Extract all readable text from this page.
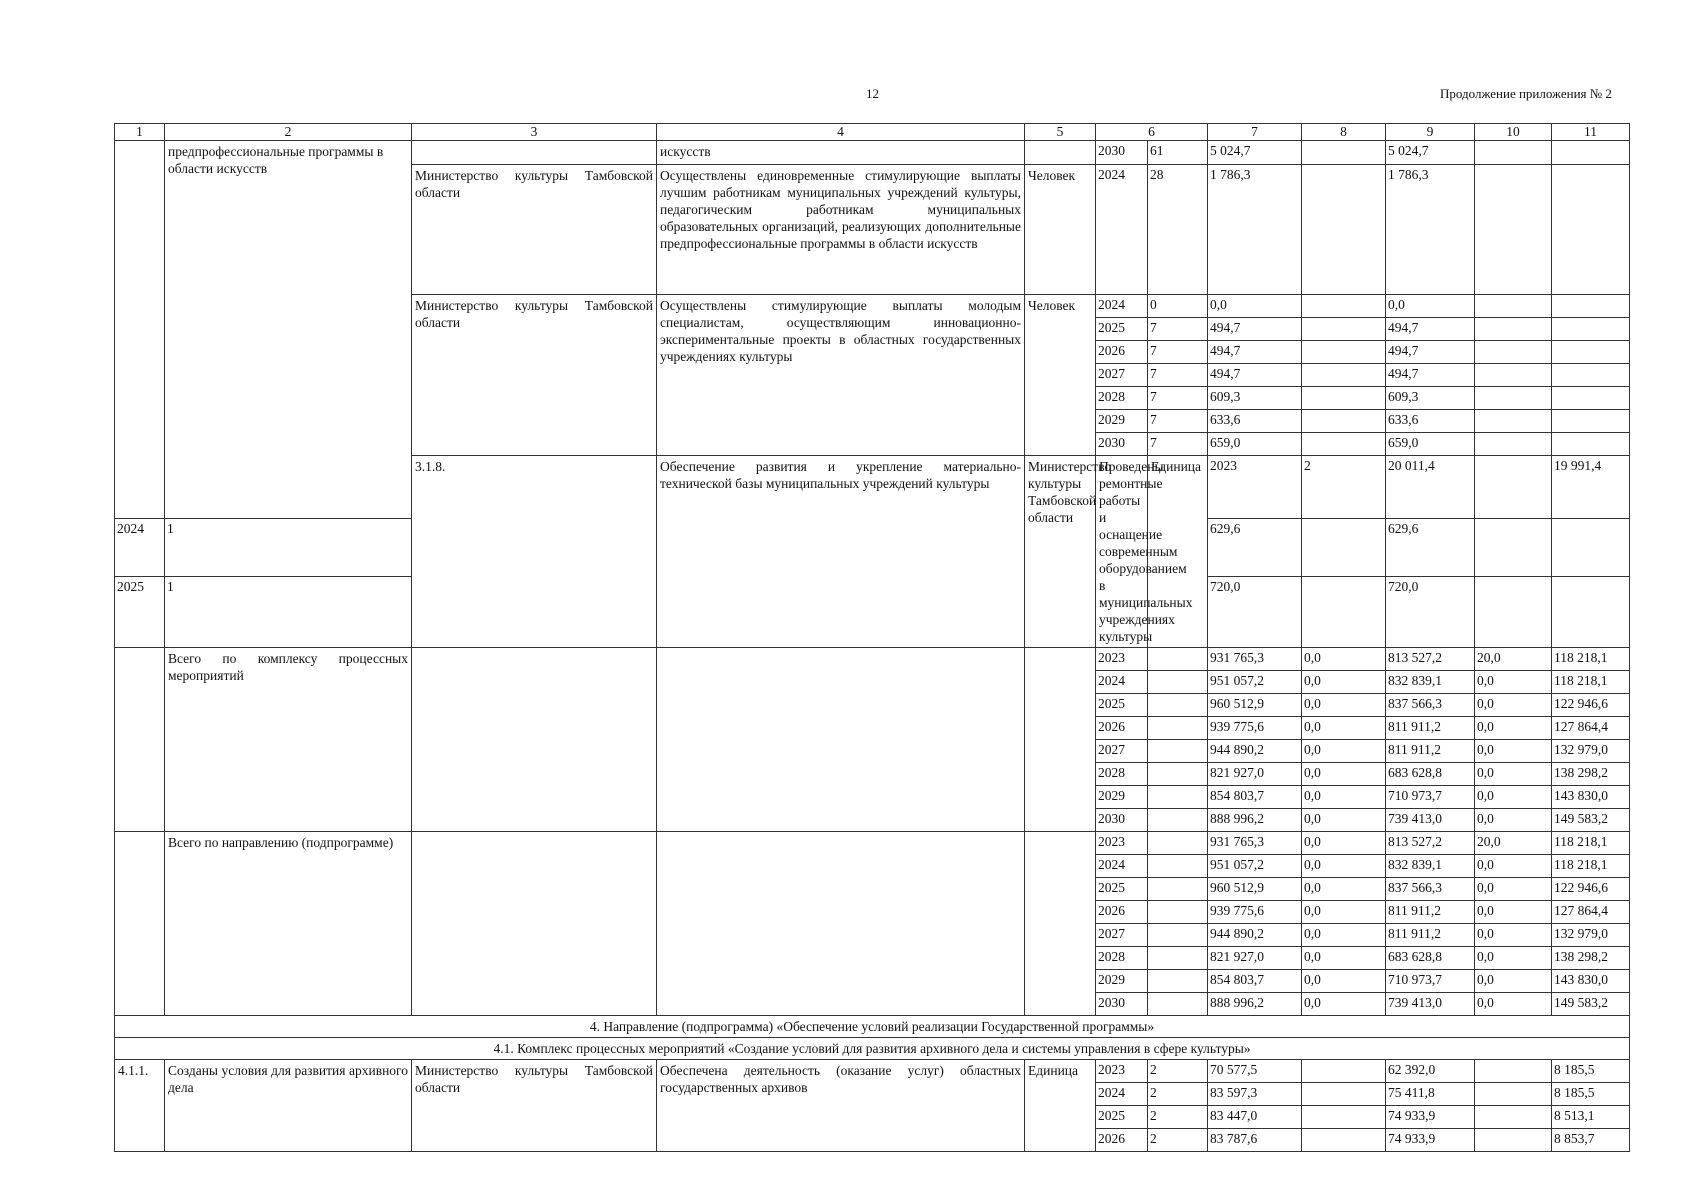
12	Продолжение приложения № 2
1	2	3	4	5	6		7	8	9	10	11	
	предпрофессиональные программы в области искусств		искусств		2030	61	5 024,7		5 024,7			
		Министерство культуры Тамбовской области	Осуществлены единовременные стимулирующие выплаты лучшим работникам муниципальных учреждений культуры, педагогическим работникам муниципальных образовательных организаций, реализующих дополнительные предпрофессиональные программы в области искусств	Человек	2024	28	1 786,3		1 786,3			
		Министерство культуры Тамбовской области	Осуществлены стимулирующие выплаты молодым специалистам, осуществляющим инновационно-экспериментальные проекты в областных государственных учреждениях культуры	Человек	2024	0	0,0		0,0			
					2025	7	494,7		494,7			
					2026	7	494,7		494,7			
					2027	7	494,7		494,7			
					2028	7	609,3		609,3			
					2029	7	633,6		633,6			
					2030	7	659,0		659,0			
		3.1.8.	Обеспечение развития и укрепление материально-технической базы муниципальных учреждений культуры	Министерство культуры Тамбовской области	Проведены ремонтные работы и оснащение современным оборудованием в муниципальных учреждениях культуры	Единица	2023	2	20 011,4		19 991,4		
2024	1						629,6		629,6			
2025	1						720,0		720,0			
	Всего по комплексу процессных мероприятий				2023		931 765,3	0,0	813 527,2	20,0	118 218,1	
					2024		951 057,2	0,0	832 839,1	0,0	118 218,1	
					2025		960 512,9	0,0	837 566,3	0,0	122 946,6	
					2026		939 775,6	0,0	811 911,2	0,0	127 864,4	
					2027		944 890,2	0,0	811 911,2	0,0	132 979,0	
					2028		821 927,0	0,0	683 628,8	0,0	138 298,2	
					2029		854 803,7	0,0	710 973,7	0,0	143 830,0	
					2030		888 996,2	0,0	739 413,0	0,0	149 583,2	
	Всего по направлению (подпрограмме)				2023		931 765,3	0,0	813 527,2	20,0	118 218,1	
					2024		951 057,2	0,0	832 839,1	0,0	118 218,1	
					2025		960 512,9	0,0	837 566,3	0,0	122 946,6	
					2026		939 775,6	0,0	811 911,2	0,0	127 864,4	
					2027		944 890,2	0,0	811 911,2	0,0	132 979,0	
					2028		821 927,0	0,0	683 628,8	0,0	138 298,2	
					2029		854 803,7	0,0	710 973,7	0,0	143 830,0	
					2030		888 996,2	0,0	739 413,0	0,0	149 583,2	
4. Направление (подпрограмма) «Обеспечение условий реализации Государственной программы»												
4.1. Комплекс процессных мероприятий «Создание условий для развития архивного дела и системы управления в сфере культуры»												
4.1.1.	Созданы условия для развития архивного дела	Министерство культуры Тамбовской области	Обеспечена деятельность (оказание услуг) областных государственных архивов	Единица	2023	2	70 577,5		62 392,0		8 185,5	
					2024	2	83 597,3		75 411,8		8 185,5	
					2025	2	83 447,0		74 933,9		8 513,1	
					2026	2	83 787,6		74 933,9		8 853,7	
